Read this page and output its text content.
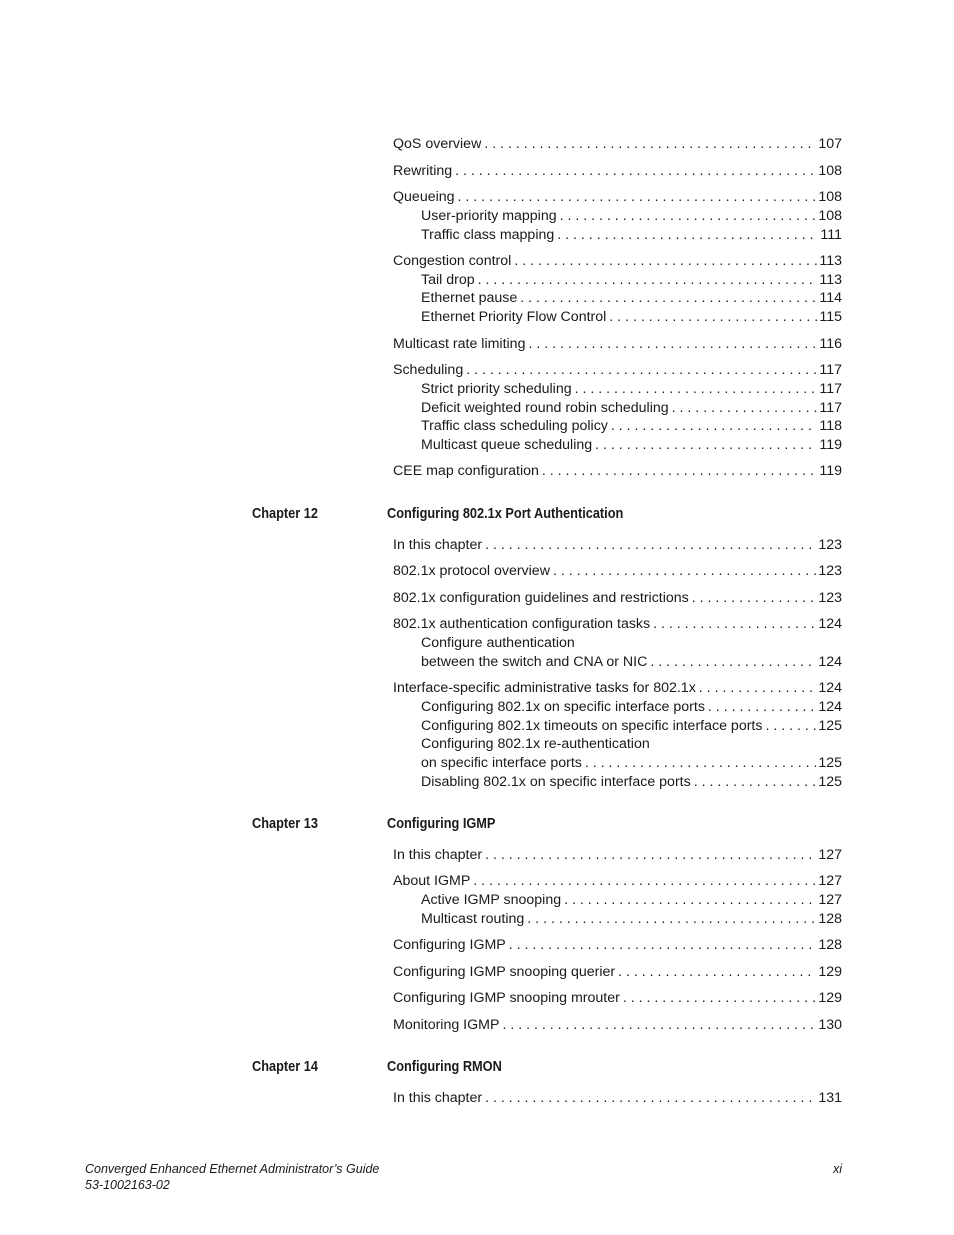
QoS overview . . .	107
Rewriting . . .	108
Queueing . . .	108
User-priority mapping . . .	108
Traffic class mapping . . .	111
Congestion control . . .	113
Tail drop . . .	113
Ethernet pause . . .	114
Ethernet Priority Flow Control . . .	115
Multicast rate limiting . . .	116
Scheduling . . .	117
Strict priority scheduling . . .	117
Deficit weighted round robin scheduling . . .	117
Traffic class scheduling policy . . .	118
Multicast queue scheduling . . .	119
CEE map configuration . . .	119
Chapter 12	Configuring 802.1x Port Authentication
In this chapter . . .	123
802.1x protocol overview . . .	123
802.1x configuration guidelines and restrictions . . .	123
802.1x authentication configuration tasks . . .	124
Configure authentication
between the switch and CNA or NIC . . .	124
Interface-specific administrative tasks for 802.1x . . .	124
Configuring 802.1x on specific interface ports . . .	124
Configuring 802.1x timeouts on specific interface ports . . .	125
Configuring 802.1x re-authentication
on specific interface ports . . .	125
Disabling 802.1x on specific interface ports . . .	125
Chapter 13	Configuring IGMP
In this chapter . . .	127
About IGMP . . .	127
Active IGMP snooping . . .	127
Multicast routing . . .	128
Configuring IGMP . . .	128
Configuring IGMP snooping querier . . .	129
Configuring IGMP snooping mrouter . . .	129
Monitoring IGMP . . .	130
Chapter 14	Configuring RMON
In this chapter . . .	131
Converged Enhanced Ethernet Administrator’s Guide
53-1002163-02
xi
